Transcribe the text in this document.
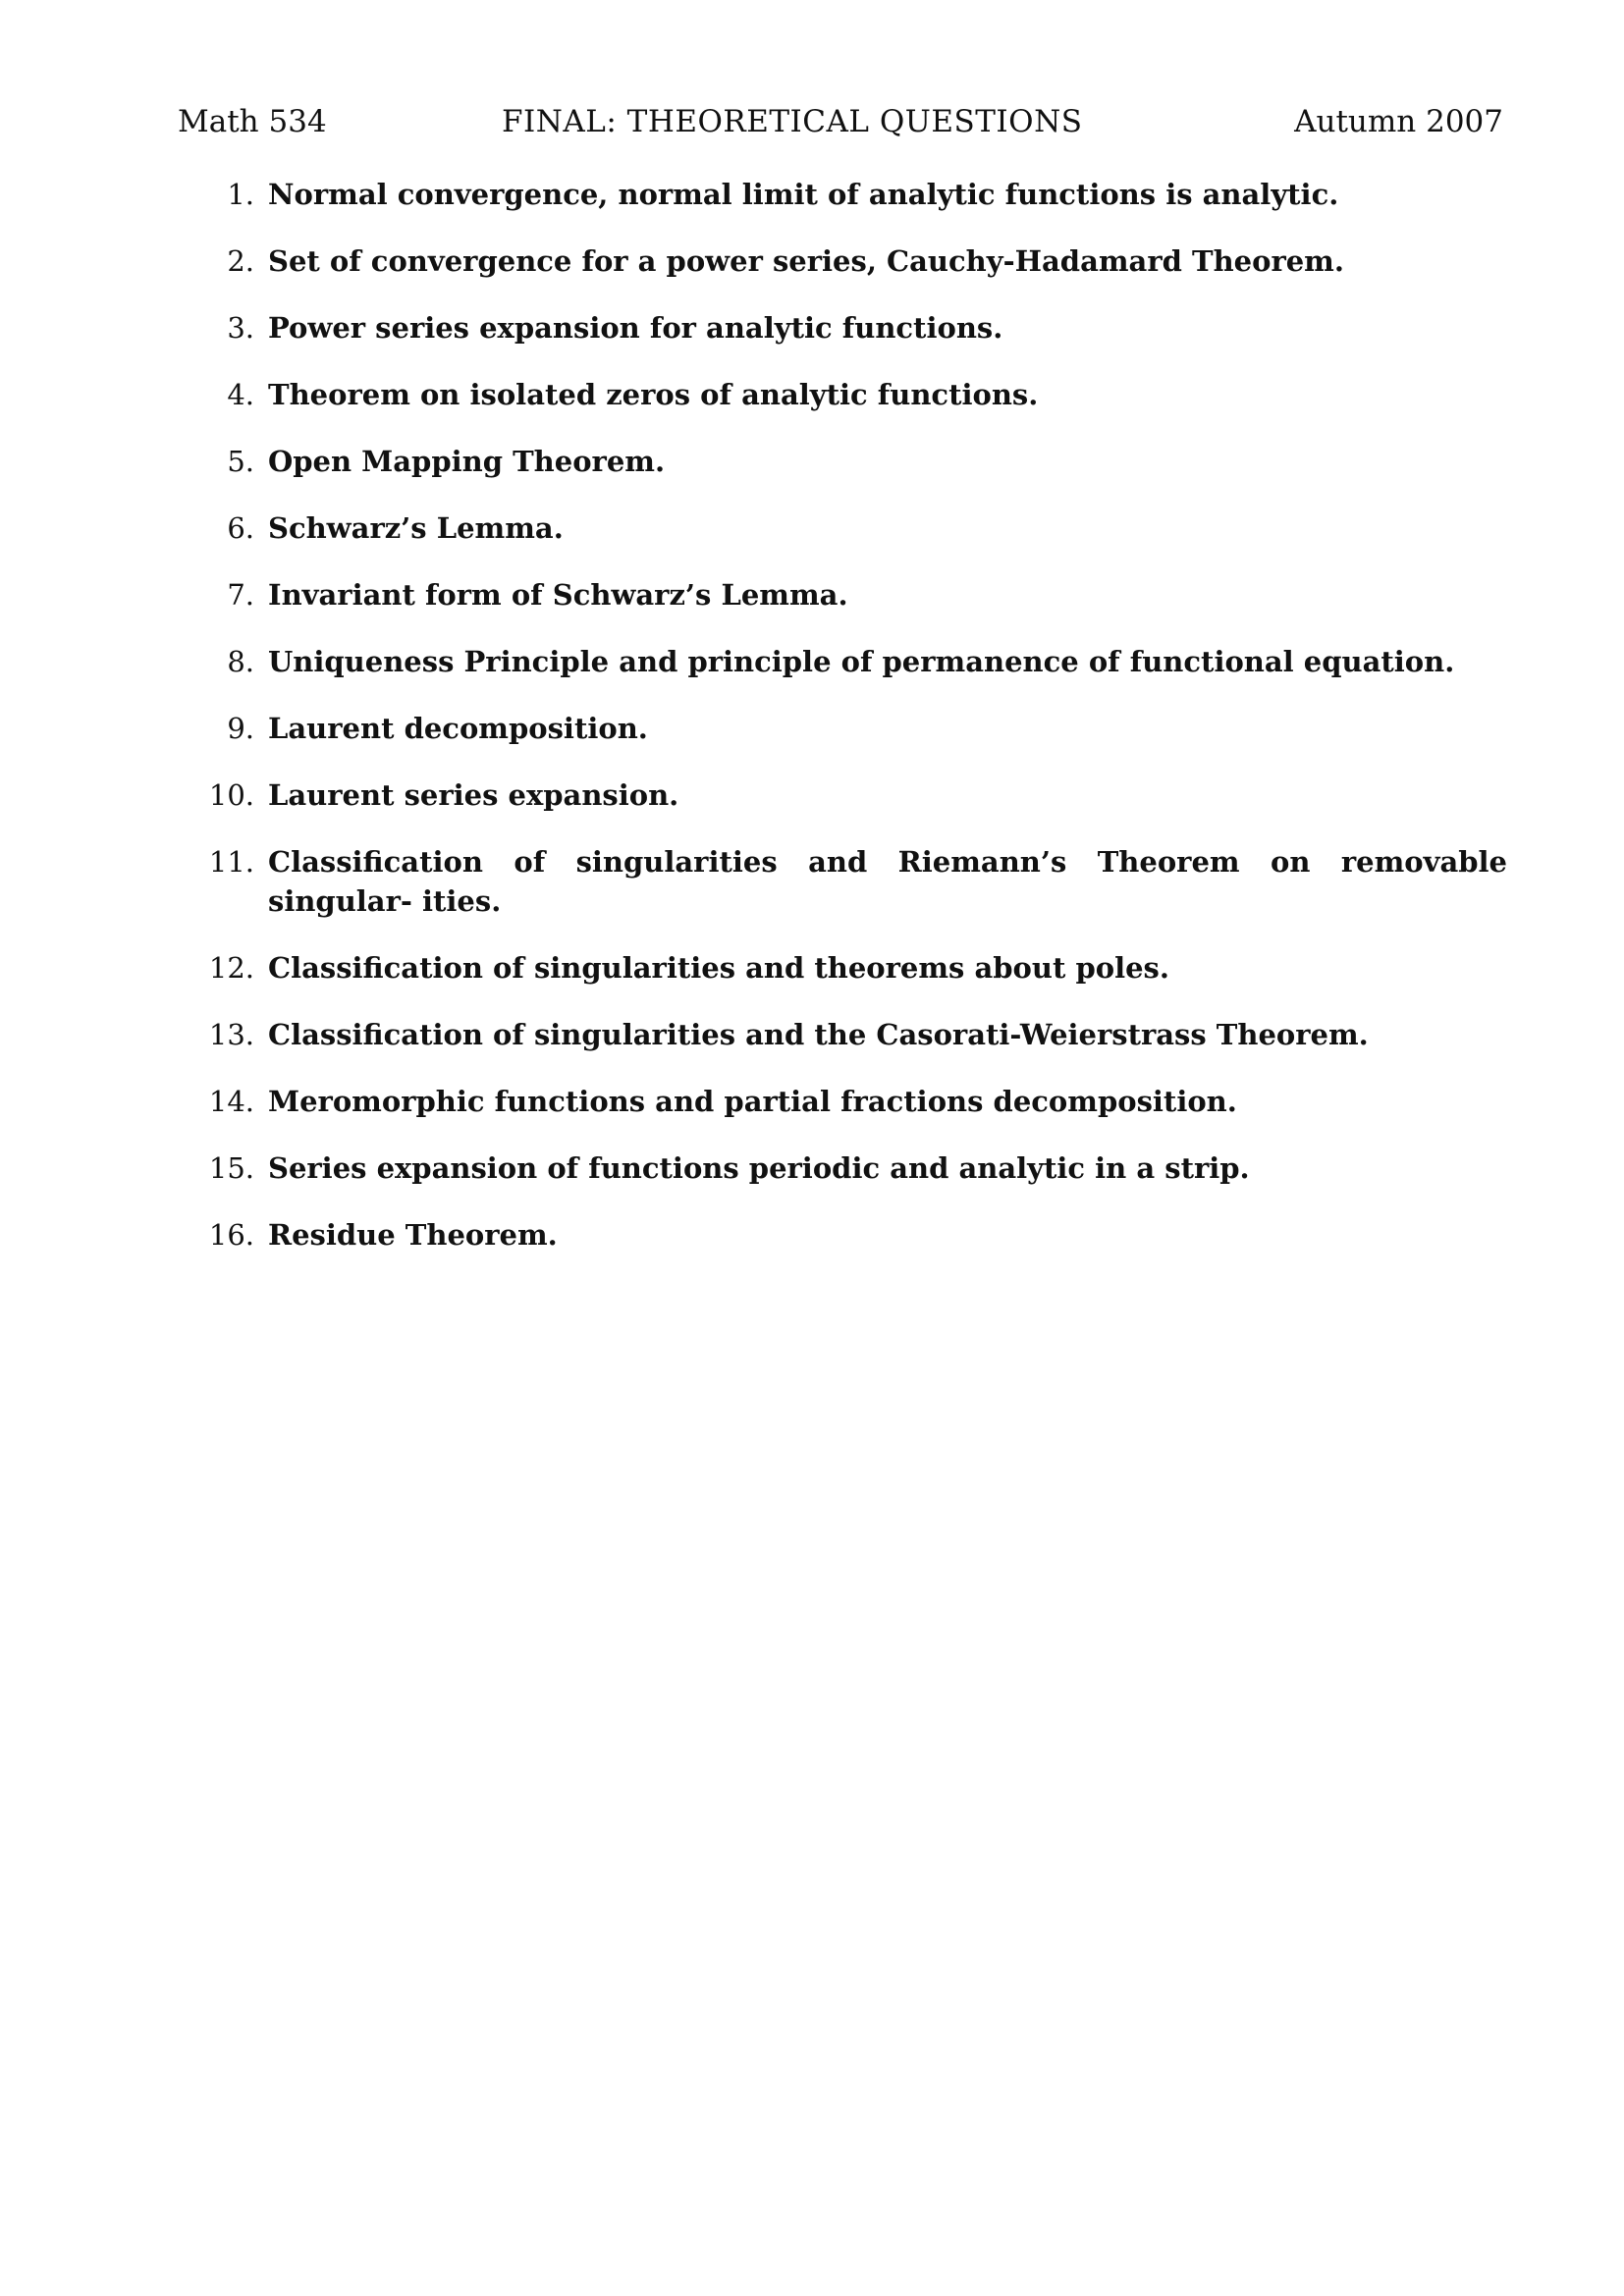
Math 534	FINAL: THEORETICAL QUESTIONS	Autumn 2007
1. Normal convergence, normal limit of analytic functions is analytic.
2. Set of convergence for a power series, Cauchy-Hadamard Theorem.
3. Power series expansion for analytic functions.
4. Theorem on isolated zeros of analytic functions.
5. Open Mapping Theorem.
6. Schwarz’s Lemma.
7. Invariant form of Schwarz’s Lemma.
8. Uniqueness Principle and principle of permanence of functional equation.
9. Laurent decomposition.
10. Laurent series expansion.
11. Classification of singularities and Riemann’s Theorem on removable singular- ities.
12. Classification of singularities and theorems about poles.
13. Classification of singularities and the Casorati-Weierstrass Theorem.
14. Meromorphic functions and partial fractions decomposition.
15. Series expansion of functions periodic and analytic in a strip.
16. Residue Theorem.
